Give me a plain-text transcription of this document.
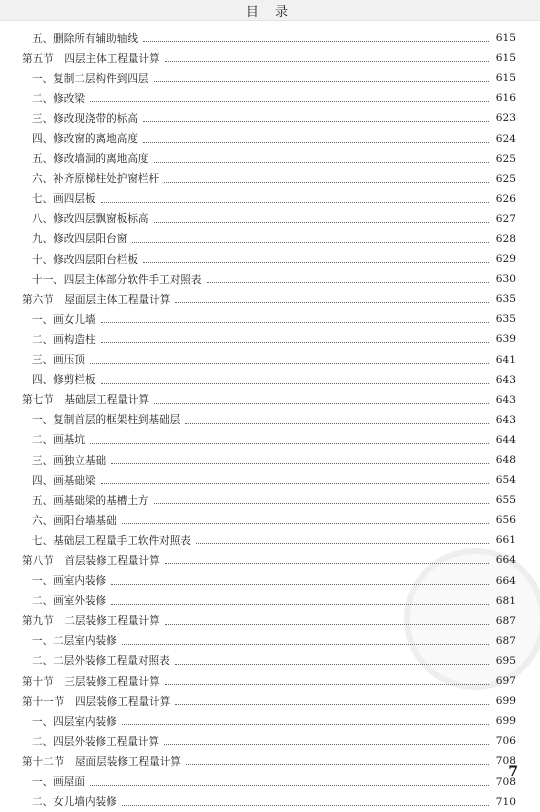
目 录
五、删除所有辅助轴线	615
第五节　四层主体工程量计算	615
一、复制二层构件到四层	615
二、修改梁	616
三、修改现浇带的标高	623
四、修改窗的离地高度	624
五、修改墙洞的离地高度	625
六、补齐原梯柱处护窗栏杆	625
七、画四层板	626
八、修改四层飘窗板标高	627
九、修改四层阳台窗	628
十、修改四层阳台栏板	629
十一、四层主体部分软件手工对照表	630
第六节　屋面层主体工程量计算	635
一、画女儿墙	635
二、画构造柱	639
三、画压顶	641
四、修剪栏板	643
第七节　基础层工程量计算	643
一、复制首层的框架柱到基础层	643
二、画基坑	644
三、画独立基础	648
四、画基础梁	654
五、画基础梁的基槽土方	655
六、画阳台墙基础	656
七、基础层工程量手工软件对照表	661
第八节　首层装修工程量计算	664
一、画室内装修	664
二、画室外装修	681
第九节　二层装修工程量计算	687
一、二层室内装修	687
二、二层外装修工程量对照表	695
第十节　三层装修工程量计算	697
第十一节　四层装修工程量计算	699
一、四层室内装修	699
二、四层外装修工程量计算	706
第十二节　屋面层装修工程量计算	708
一、画屋面	708
二、女儿墙内装修	710
7
